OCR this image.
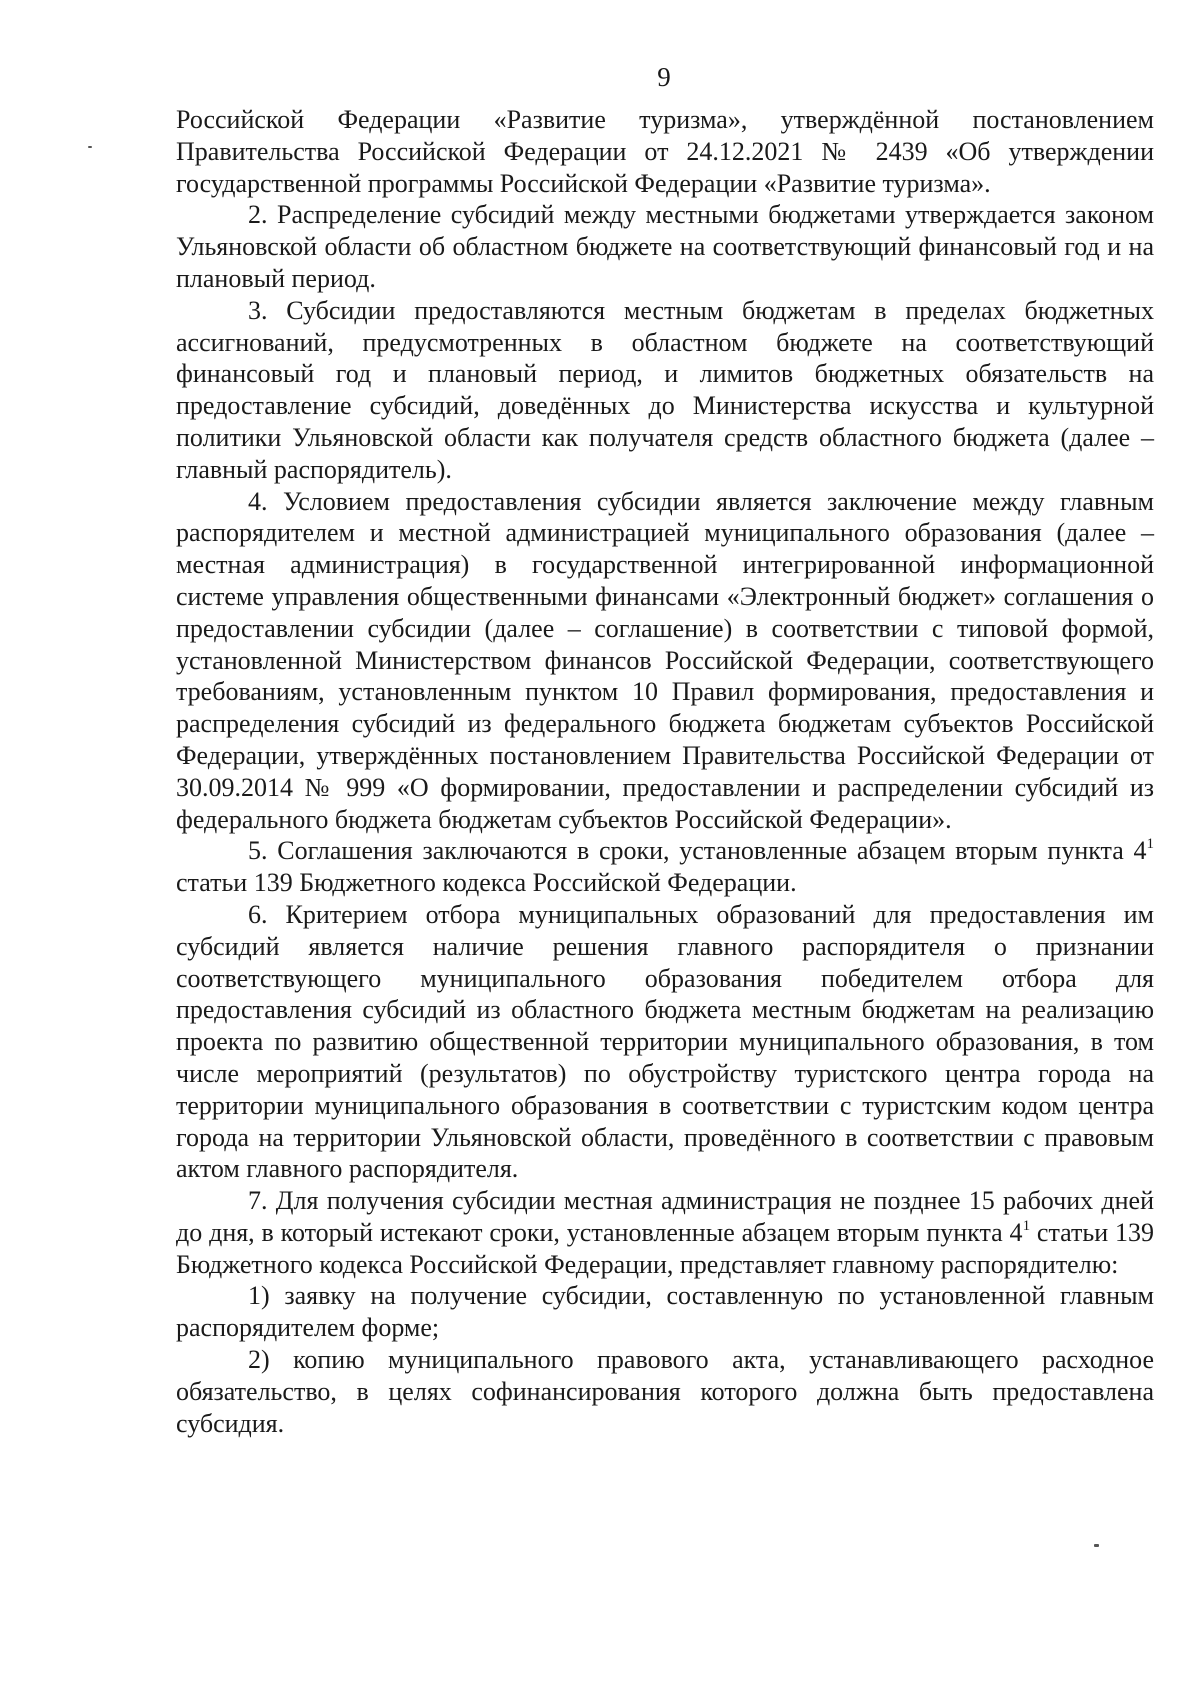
9

Российской Федерации «Развитие туризма», утверждённой постановлением Правительства Российской Федерации от 24.12.2021 № 2439 «Об утверждении государственной программы Российской Федерации «Развитие туризма».

2. Распределение субсидий между местными бюджетами утверждается законом Ульяновской области об областном бюджете на соответствующий финансовый год и на плановый период.

3. Субсидии предоставляются местным бюджетам в пределах бюджетных ассигнований, предусмотренных в областном бюджете на соответствующий финансовый год и плановый период, и лимитов бюджетных обязательств на предоставление субсидий, доведённых до Министерства искусства и культурной политики Ульяновской области как получателя средств областного бюджета (далее – главный распорядитель).

4. Условием предоставления субсидии является заключение между главным распорядителем и местной администрацией муниципального образования (далее – местная администрация) в государственной интегрированной информационной системе управления общественными финансами «Электронный бюджет» соглашения о предоставлении субсидии (далее – соглашение) в соответствии с типовой формой, установленной Министерством финансов Российской Федерации, соответствующего требованиям, установленным пунктом 10 Правил формирования, предоставления и распределения субсидий из федерального бюджета бюджетам субъектов Российской Федерации, утверждённых постановлением Правительства Российской Федерации от 30.09.2014 № 999 «О формировании, предоставлении и распределении субсидий из федерального бюджета бюджетам субъектов Российской Федерации».

5. Соглашения заключаются в сроки, установленные абзацем вторым пункта $4^1$ статьи 139 Бюджетного кодекса Российской Федерации.

6. Критерием отбора муниципальных образований для предоставления им субсидий является наличие решения главного распорядителя о признании соответствующего муниципального образования победителем отбора для предоставления субсидий из областного бюджета местным бюджетам на реализацию проекта по развитию общественной территории муниципального образования, в том числе мероприятий (результатов) по обустройству туристского центра города на территории муниципального образования в соответствии с туристским кодом центра города на территории Ульяновской области, проведённого в соответствии с правовым актом главного распорядителя.

7. Для получения субсидии местная администрация не позднее 15 рабочих дней до дня, в который истекают сроки, установленные абзацем вторым пункта $4^1$ статьи 139 Бюджетного кодекса Российской Федерации, представляет главному распорядителю:

1) заявку на получение субсидии, составленную по установленной главным распорядителем форме;

2) копию муниципального правового акта, устанавливающего расходное обязательство, в целях софинансирования которого должна быть предоставлена субсидия.
